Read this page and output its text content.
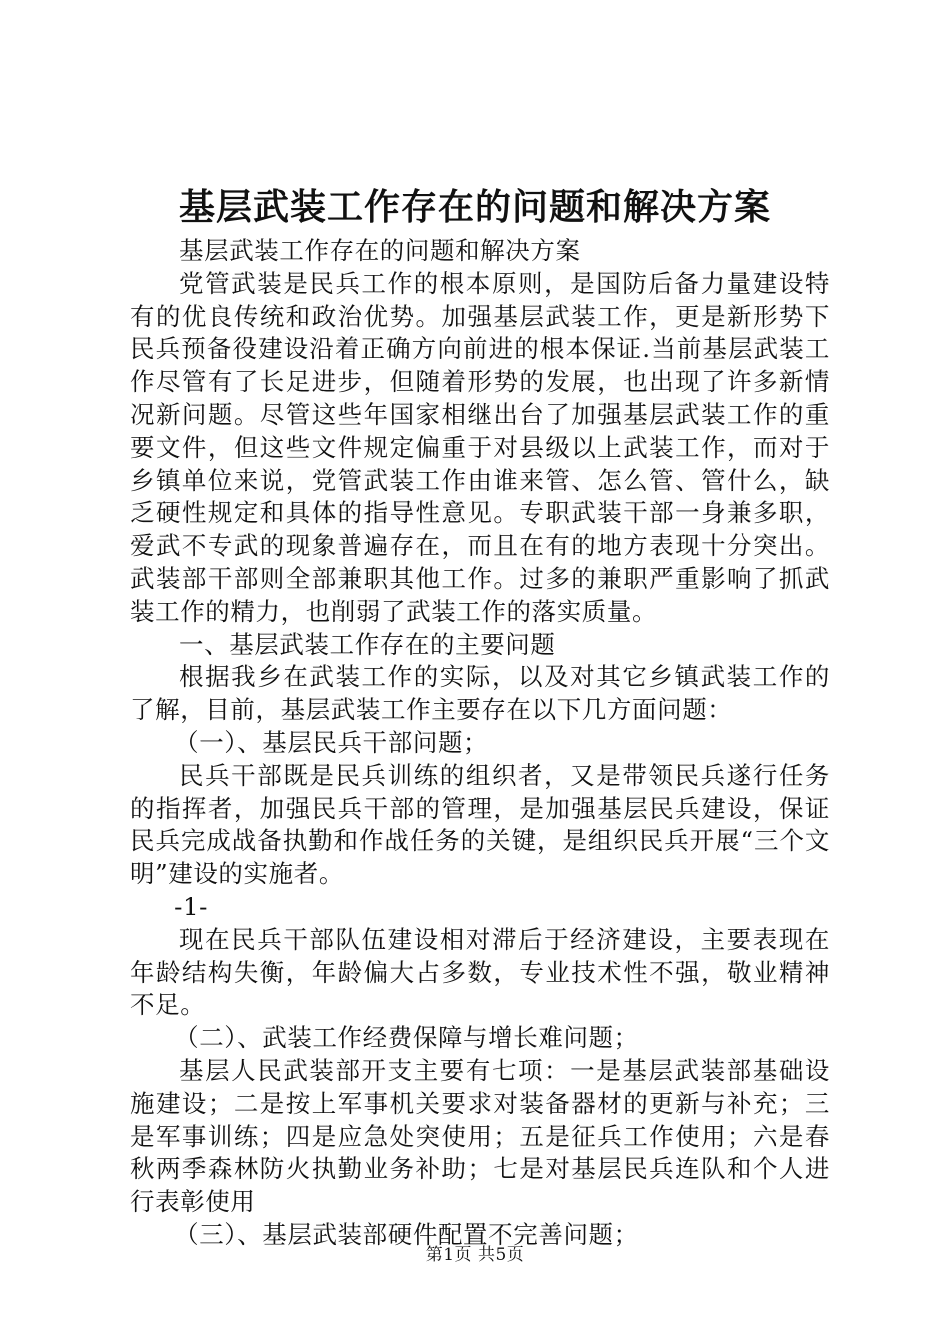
基层武装工作存在的问题和解决方案

基层武装工作存在的问题和解决方案

党管武装是民兵工作的根本原则，是国防后备力量建设特有的优良传统和政治优势。加强基层武装工作，更是新形势下民兵预备役建设沿着正确方向前进的根本保证.当前基层武装工作尽管有了长足进步，但随着形势的发展，也出现了许多新情况新问题。尽管这些年国家相继出台了加强基层武装工作的重要文件，但这些文件规定偏重于对县级以上武装工作，而对于乡镇单位来说，党管武装工作由谁来管、怎么管、管什么，缺乏硬性规定和具体的指导性意见。专职武装干部一身兼多职，爱武不专武的现象普遍存在，而且在有的地方表现十分突出。武装部干部则全部兼职其他工作。过多的兼职严重影响了抓武装工作的精力，也削弱了武装工作的落实质量。

一、基层武装工作存在的主要问题

根据我乡在武装工作的实际，以及对其它乡镇武装工作的了解，目前，基层武装工作主要存在以下几方面问题：

（一）、基层民兵干部问题；

民兵干部既是民兵训练的组织者，又是带领民兵遂行任务的指挥者，加强民兵干部的管理，是加强基层民兵建设，保证民兵完成战备执勤和作战任务的关键，是组织民兵开展“三个文明”建设的实施者。

-1-

现在民兵干部队伍建设相对滞后于经济建设，主要表现在年龄结构失衡，年龄偏大占多数，专业技术性不强，敬业精神不足。

（二）、武装工作经费保障与增长难问题；

基层人民武装部开支主要有七项：一是基层武装部基础设施建设；二是按上军事机关要求对装备器材的更新与补充；三是军事训练；四是应急处突使用；五是征兵工作使用；六是春秋两季森林防火执勤业务补助；七是对基层民兵连队和个人进行表彰使用

（三）、基层武装部硬件配置不完善问题；

第1页 共5页
